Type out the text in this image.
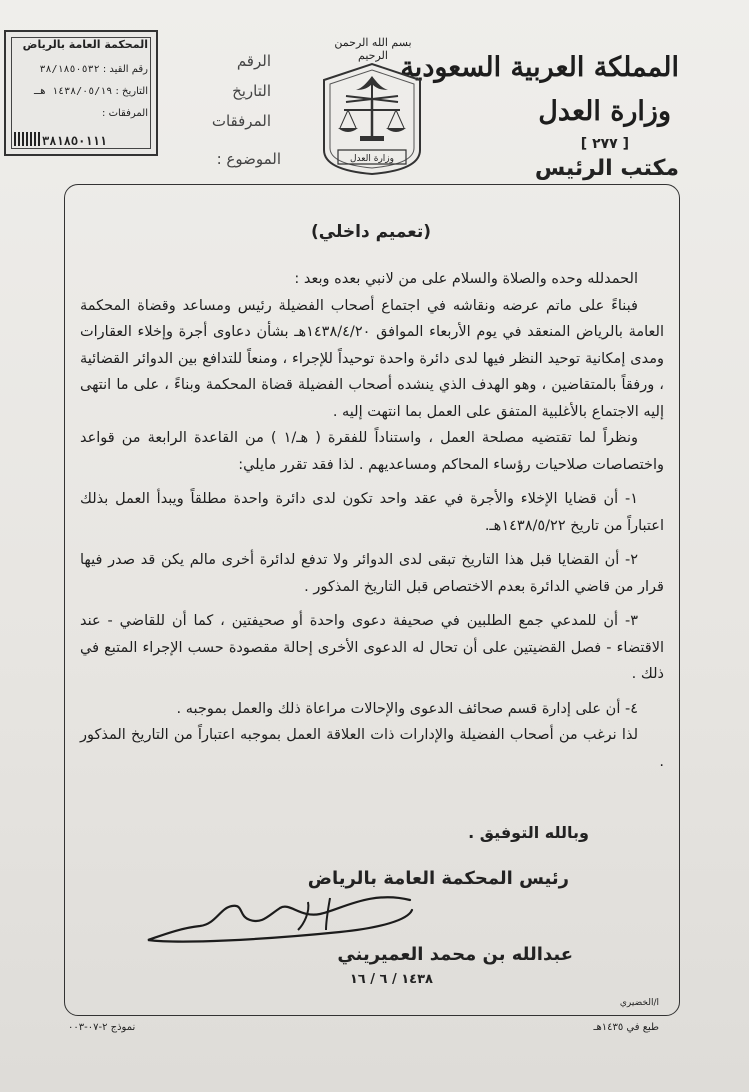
المملكة العربية السعودية
وزارة العدل
[ ٢٧٧ ]
مكتب الرئيس
بسم الله الرحمن الرحيم
وزارة العدل
الرقم
التاريخ
المرفقات
الموضوع :
المحكمة العامة بالرياض
رقم القيد : ٣٨/١٨٥٠٥٣٢
التاريخ : ١٤٣٨/٠٥/١٩ هـ
المرفقات :
٣٨١٨٥٠١١١
(تعميم داخلي)

الحمدلله وحده والصلاة والسلام على من لانبي بعده وبعد :

فبناءً على ماتم عرضه ونقاشه في اجتماع أصحاب الفضيلة رئيس ومساعد وقضاة المحكمة العامة بالرياض المنعقد في يوم الأربعاء الموافق ١٤٣٨/٤/٢٠هـ بشأن دعاوى أجرة وإخلاء العقارات ومدى إمكانية توحيد النظر فيها لدى دائرة واحدة توحيداً للإجراء ، ومنعاً للتدافع بين الدوائر القضائية ، ورفقاً بالمتقاضين ، وهو الهدف الذي ينشده أصحاب الفضيلة قضاة المحكمة وبناءً ، على ما انتهى إليه الاجتماع بالأغلبية المتفق على العمل بما انتهت إليه .

ونظراً لما تقتضيه مصلحة العمل ، واستناداً للفقرة ( هـ/١ ) من القاعدة الرابعة من قواعد واختصاصات صلاحيات رؤساء المحاكم ومساعديهم . لذا فقد تقرر مايلي:

١- أن قضايا الإخلاء والأجرة في عقد واحد تكون لدى دائرة واحدة مطلقاً ويبدأ العمل بذلك اعتباراً من تاريخ ١٤٣٨/٥/٢٢هـ.

٢- أن القضايا قبل هذا التاريخ تبقى لدى الدوائر ولا تدفع لدائرة أخرى مالم يكن قد صدر فيها قرار من قاضي الدائرة بعدم الاختصاص قبل التاريخ المذكور .

٣- أن للمدعي جمع الطلبين في صحيفة دعوى واحدة أو صحيفتين ، كما أن للقاضي - عند الاقتضاء - فصل القضيتين على أن تحال له الدعوى الأخرى إحالة مقصودة حسب الإجراء المتبع في ذلك .

٤- أن على إدارة قسم صحائف الدعوى والإحالات مراعاة ذلك والعمل بموجبه .

لذا نرغب من أصحاب الفضيلة والإدارات ذات العلاقة العمل بموجبه اعتباراً من التاريخ المذكور .

وبالله التوفيق .
رئيس المحكمة العامة بالرياض
عبدالله بن محمد العميريني
١٤٣٨ / ٦ / ١٦
ا/الخضيري
طبع في ١٤٣٥هـ
نموذج ٢-٠٧-٠٠٣
